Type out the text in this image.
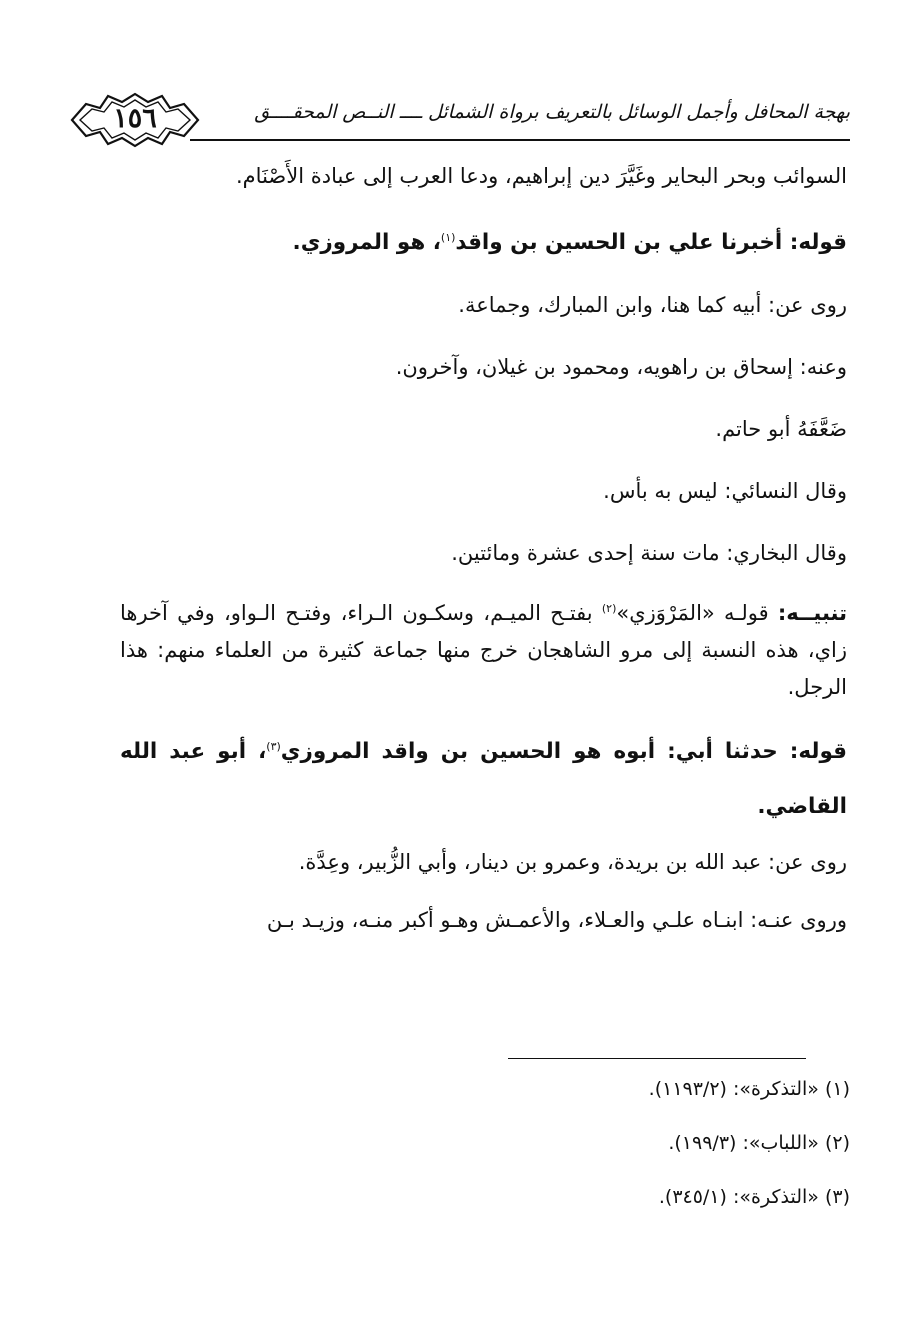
١٥٦	بهجة المحافل وأجمل الوسائل بالتعريف برواة الشمائل ــــ النــص المحقــــق

السوائب وبحر البحاير وغَيَّرَ دين إبراهيم، ودعا العرب إلى عبادة الأَصْنَام.

قوله: أخبرنا علي بن الحسين بن واقد$^{(١)}$، هو المروزي.

روى عن: أبيه كما هنا، وابن المبارك، وجماعة.

وعنه: إسحاق بن راهويه، ومحمود بن غيلان، وآخرون.

ضَعَّفَهُ أبو حاتم.

وقال النسائي: ليس به بأس.

وقال البخاري: مات سنة إحدى عشرة ومائتين.

تنبيــه: قولـه «المَرْوَزي»$^{(٢)}$ بفتـح الميـم، وسكـون الـراء، وفتـح الـواو، وفي آخرها زاي، هذه النسبة إلى مرو الشاهجان خرج منها جماعة كثيرة من العلماء منهم: هذا الرجل.

قوله: حدثنا أبي: أبوه هو الحسين بن واقد المروزي$^{(٣)}$، أبو عبد الله القاضي.

روى عن: عبد الله بن بريدة، وعمرو بن دينار، وأبي الزُّبير، وعِدَّة.

وروى عنـه: ابنـاه علـي والعـلاء، والأعمـش وهـو أكبر منـه، وزيـد بـن

(١) «التذكرة»: (١١٩٣/٢).

(٢) «اللباب»: (١٩٩/٣).

(٣) «التذكرة»: (٣٤٥/١).
